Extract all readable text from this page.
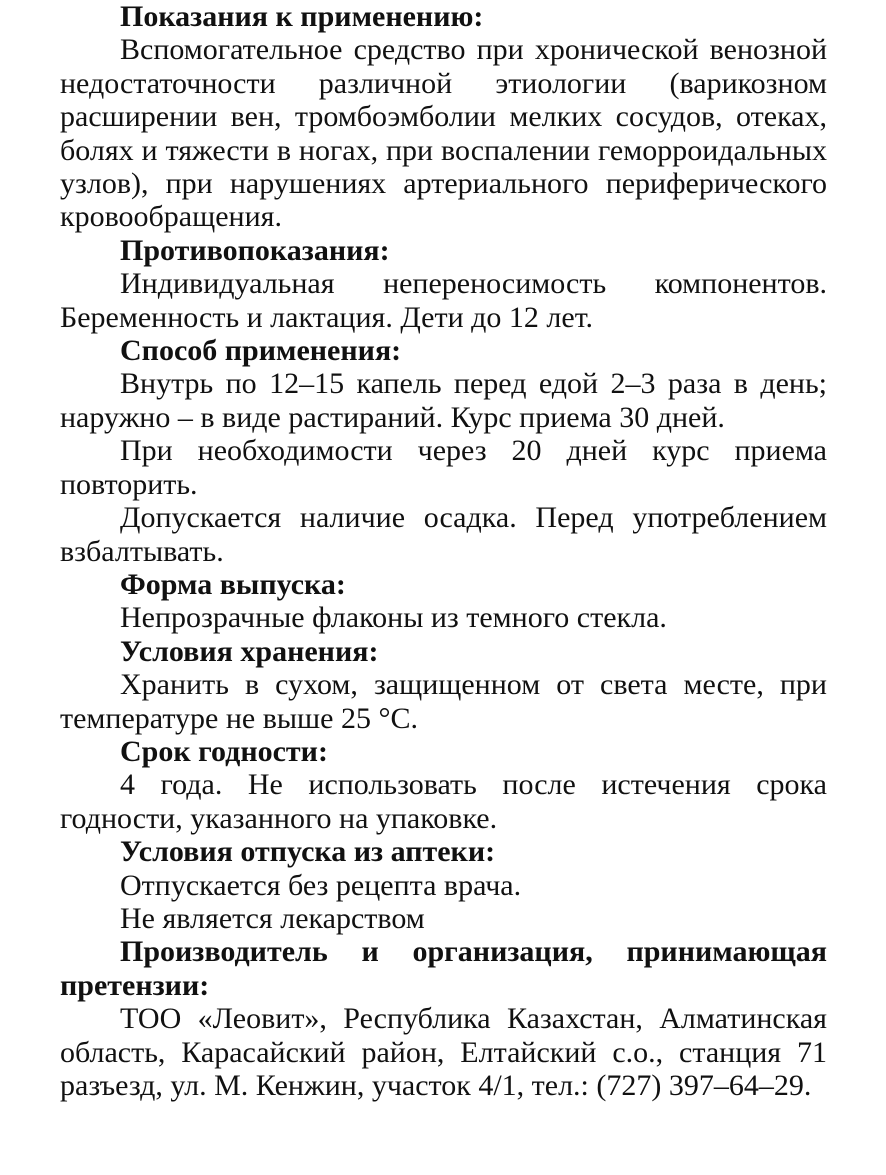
Показания к применению:

Вспомогательное средство при хронической венозной недостаточности различной этиологии (варикозном расширении вен, тромбоэмболии мелких сосудов, отеках, болях и тяжести в ногах, при воспалении геморроидальных узлов), при нарушениях артериального периферического кровообращения.

Противопоказания:

Индивидуальная непереносимость компонентов. Беременность и лактация. Дети до 12 лет.

Способ применения:

Внутрь по 12–15 капель перед едой 2–3 раза в день; наружно – в виде растираний. Курс приема 30 дней.

При необходимости через 20 дней курс приема повторить.

Допускается наличие осадка. Перед употреблением взбалтывать.

Форма выпуска:

Непрозрачные флаконы из темного стекла.

Условия хранения:

Хранить в сухом, защищенном от света месте, при температуре не выше 25 °С.

Срок годности:

4 года. Не использовать после истечения срока годности, указанного на упаковке.

Условия отпуска из аптеки:

Отпускается без рецепта врача.

Не является лекарством

Производитель и организация, принимающая претензии:

ТОО «Леовит», Республика Казахстан, Алматинская область, Карасайский район, Елтайский с.о., станция 71 разъезд, ул. М. Кенжин, участок 4/1, тел.: (727) 397–64–29.
